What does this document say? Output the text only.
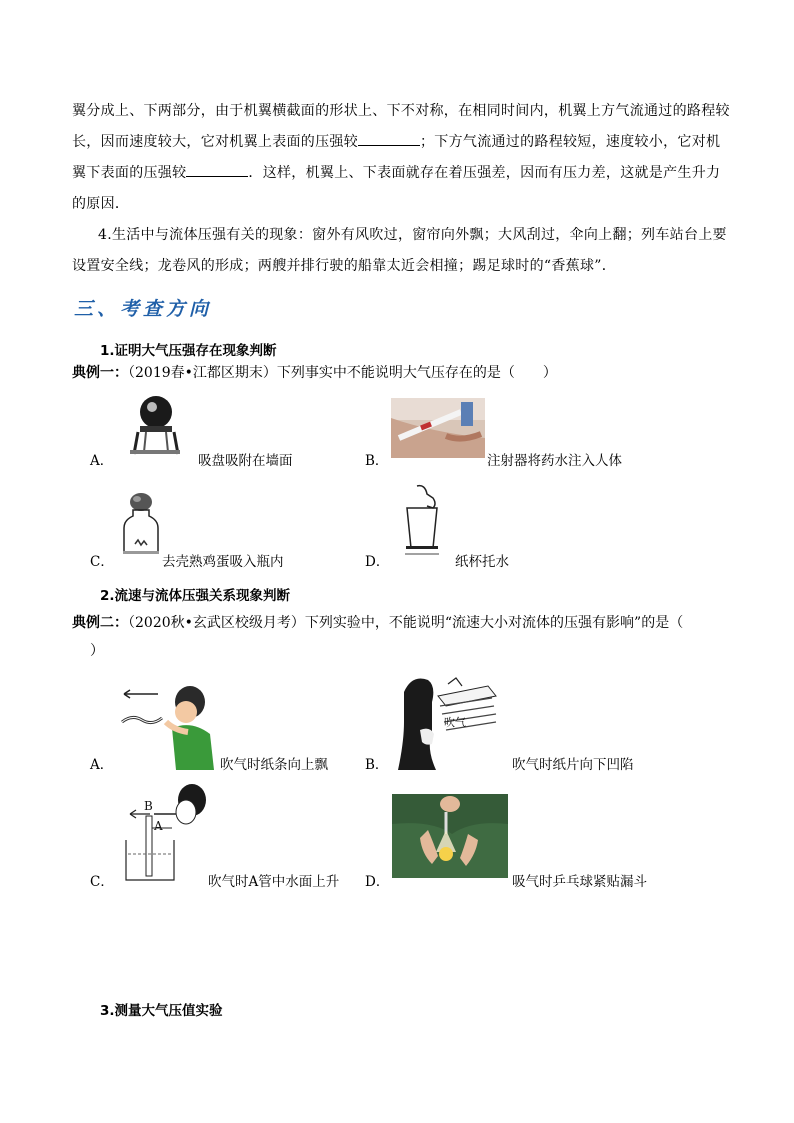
翼分成上、下两部分，由于机翼横截面的形状上、下不对称，在相同时间内，机翼上方气流通过的路程较
长，因而速度较大，它对机翼上表面的压强较	；下方气流通过的路程较短，速度较小，它对机
翼下表面的压强较	．这样，机翼上、下表面就存在着压强差，因而有压力差，这就是产生升力
的原因．
4.生活中与流体压强有关的现象：窗外有风吹过，窗帘向外飘；大风刮过，伞向上翻；列车站台上要
设置安全线；龙卷风的形成；两艘并排行驶的船靠太近会相撞；踢足球时的“香蕉球”．
三、考查方向
1.证明大气压强存在现象判断
典例一：（2019春•江都区期末）下列事实中不能说明大气压存在的是（　　）
A．	吸盘吸附在墙面	B．	注射器将药水注入人体
C．	去壳熟鸡蛋吸入瓶内	D．	纸杯托水
2.流速与流体压强关系现象判断
典例二：（2020秋•玄武区校级月考）下列实验中，不能说明“流速大小对流体的压强有影响”的是（
）
吹气
B
A
A．	吹气时纸条向上飘	B．	吹气时纸片向下凹陷
C．	吹气时A管中水面上升 D．	吸气时乒乓球紧贴漏斗
3.测量大气压值实验
